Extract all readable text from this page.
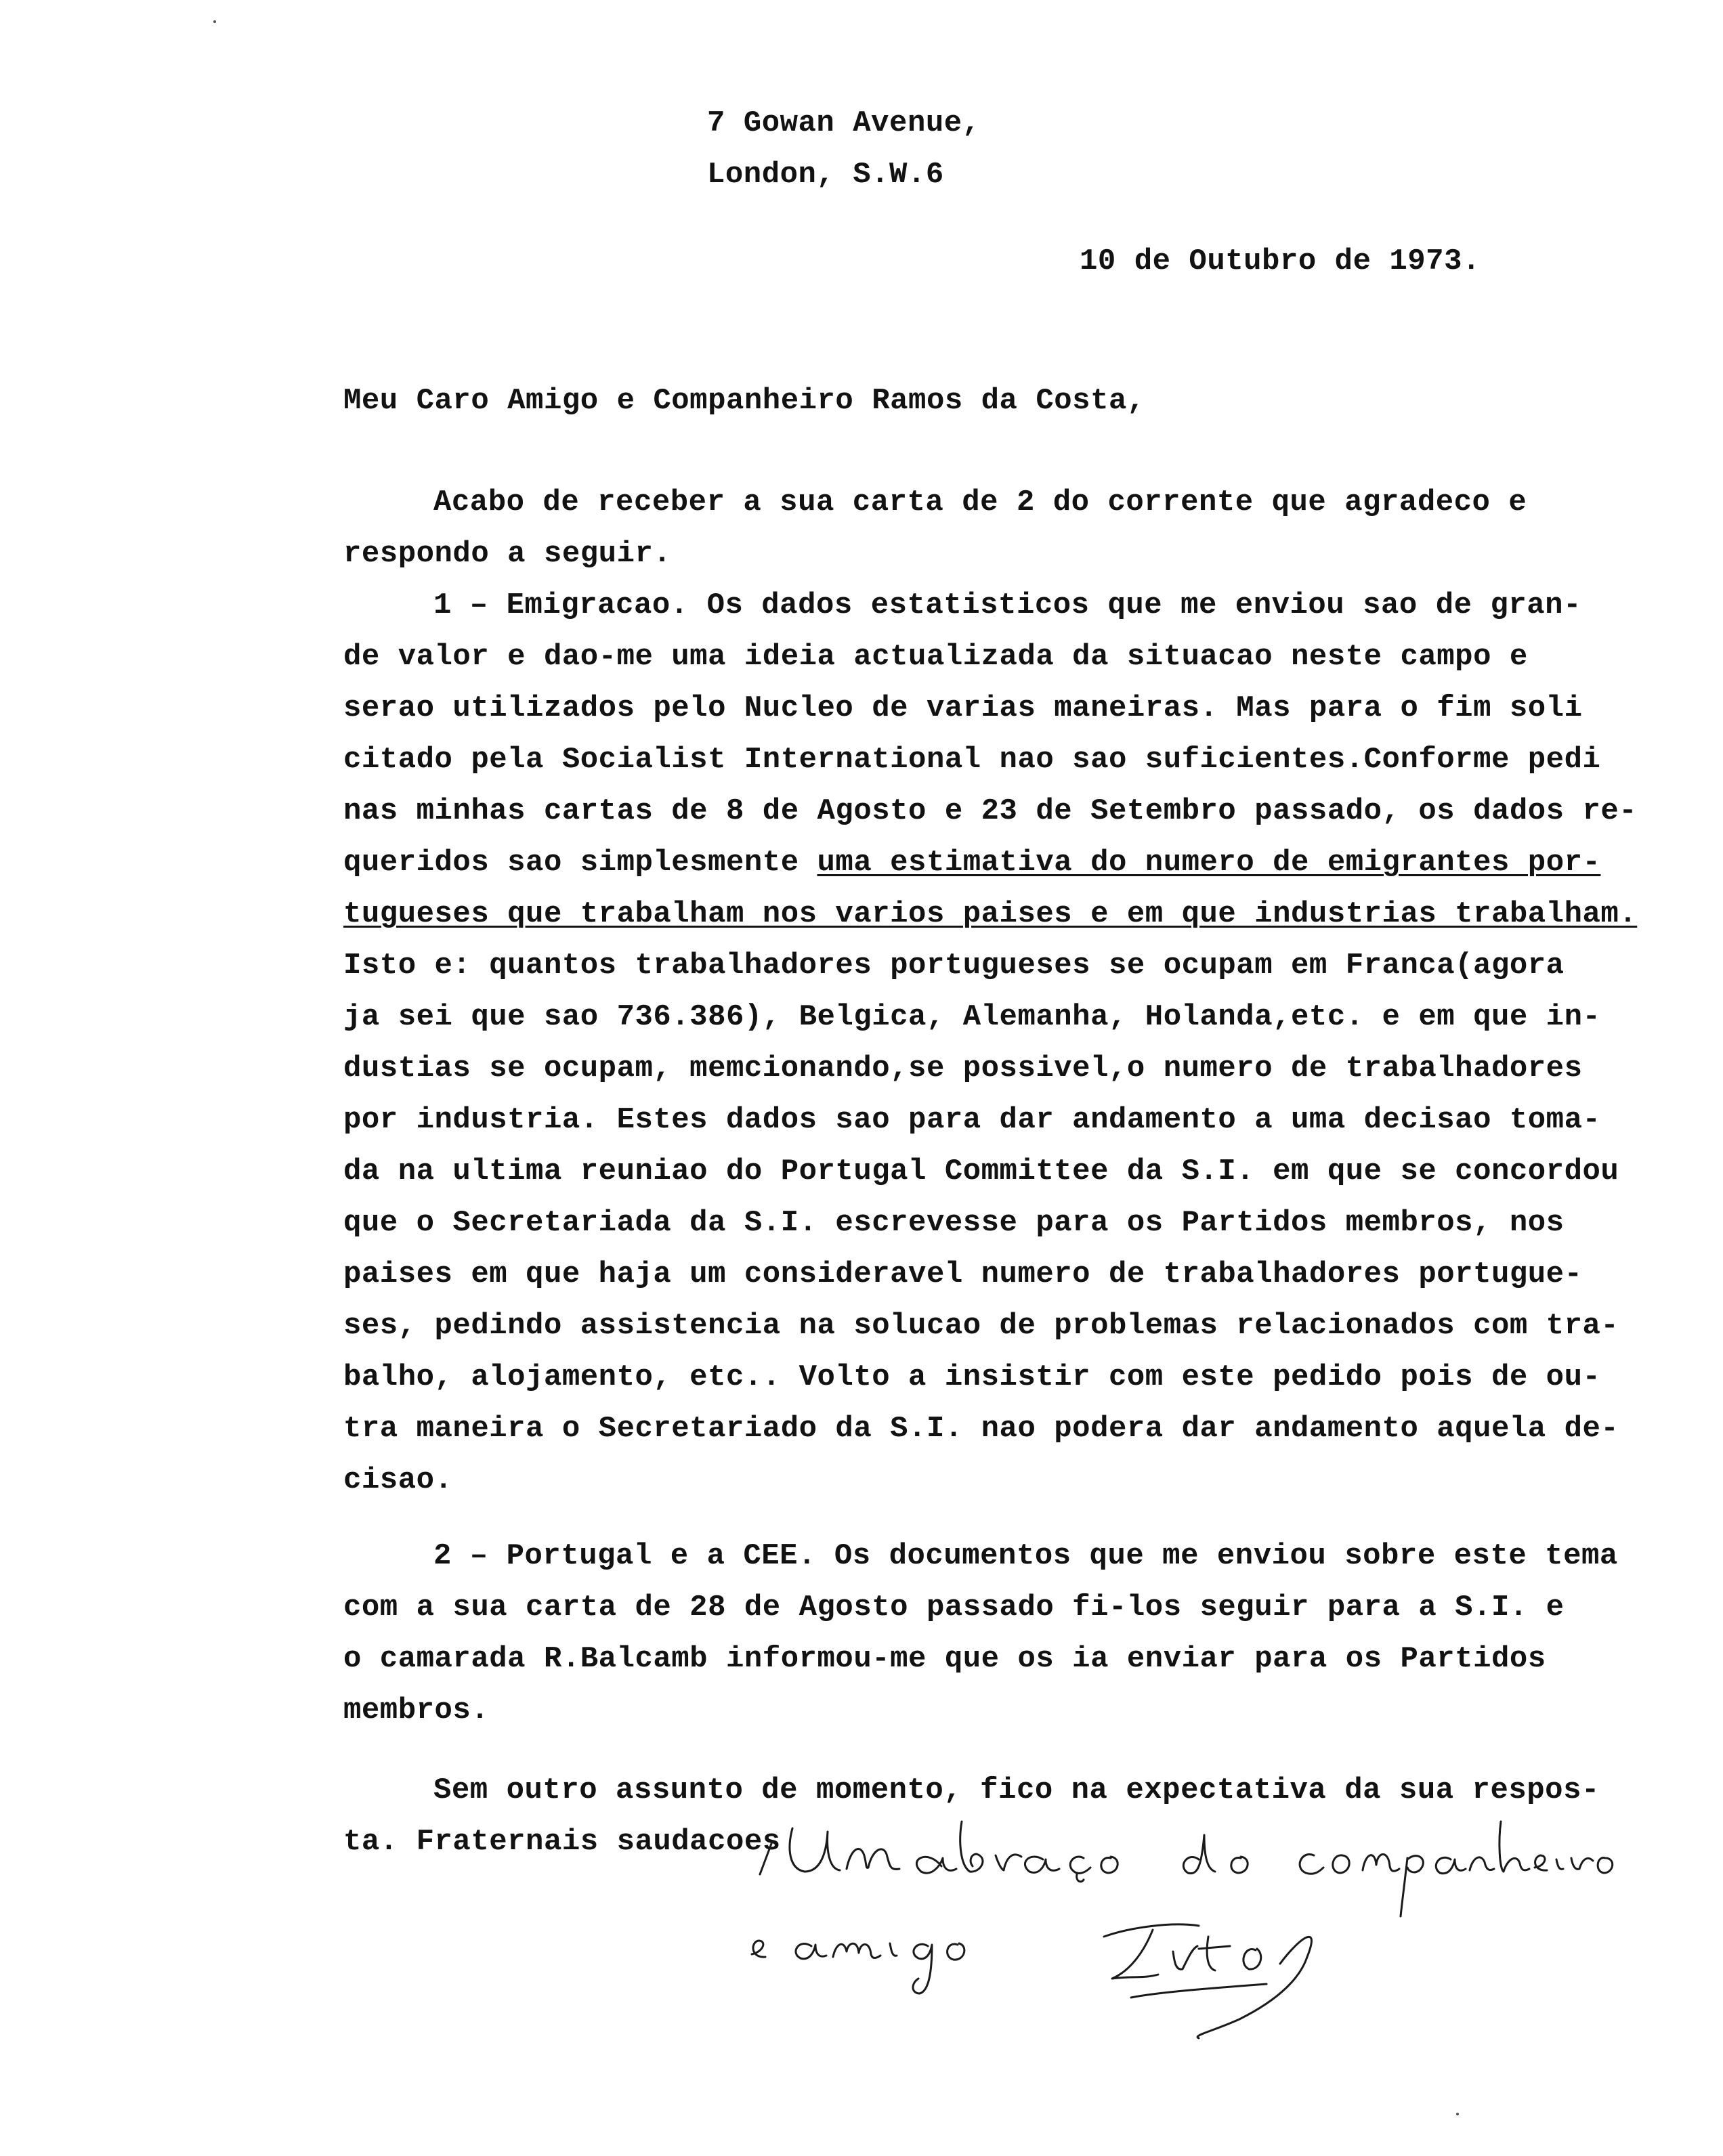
7 Gowan Avenue,
London, S.W.6
10 de Outubro de 1973.
Meu Caro Amigo e Companheiro Ramos da Costa,
Acabo de receber a sua carta de 2 do corrente que agradeco e
respondo a seguir.
1 – Emigracao. Os dados estatisticos que me enviou sao de gran-
de valor e dao-me uma ideia actualizada da situacao neste campo e
serao utilizados pelo Nucleo de varias maneiras. Mas para o fim soli
citado pela Socialist International nao sao suficientes.Conforme pedi
nas minhas cartas de 8 de Agosto e 23 de Setembro passado, os dados re-
queridos sao simplesmente uma estimativa do numero de emigrantes por-
tugueses que trabalham nos varios paises e em que industrias trabalham.
Isto e: quantos trabalhadores portugueses se ocupam em Franca(agora
ja sei que sao 736.386), Belgica, Alemanha, Holanda,etc. e em que in-
dustias se ocupam, memcionando,se possivel,o numero de trabalhadores
por industria. Estes dados sao para dar andamento a uma decisao toma-
da na ultima reuniao do Portugal Committee da S.I. em que se concordou
que o Secretariada da S.I. escrevesse para os Partidos membros, nos
paises em que haja um consideravel numero de trabalhadores portugue-
ses, pedindo assistencia na solucao de problemas relacionados com tra-
balho, alojamento, etc.. Volto a insistir com este pedido pois de ou-
tra maneira o Secretariado da S.I. nao podera dar andamento aquela de-
cisao.
2 – Portugal e a CEE. Os documentos que me enviou sobre este tema
com a sua carta de 28 de Agosto passado fi-los seguir para a S.I. e
o camarada R.Balcamb informou-me que os ia enviar para os Partidos
membros.
Sem outro assunto de momento, fico na expectativa da sua respos-
ta. Fraternais saudacoes
